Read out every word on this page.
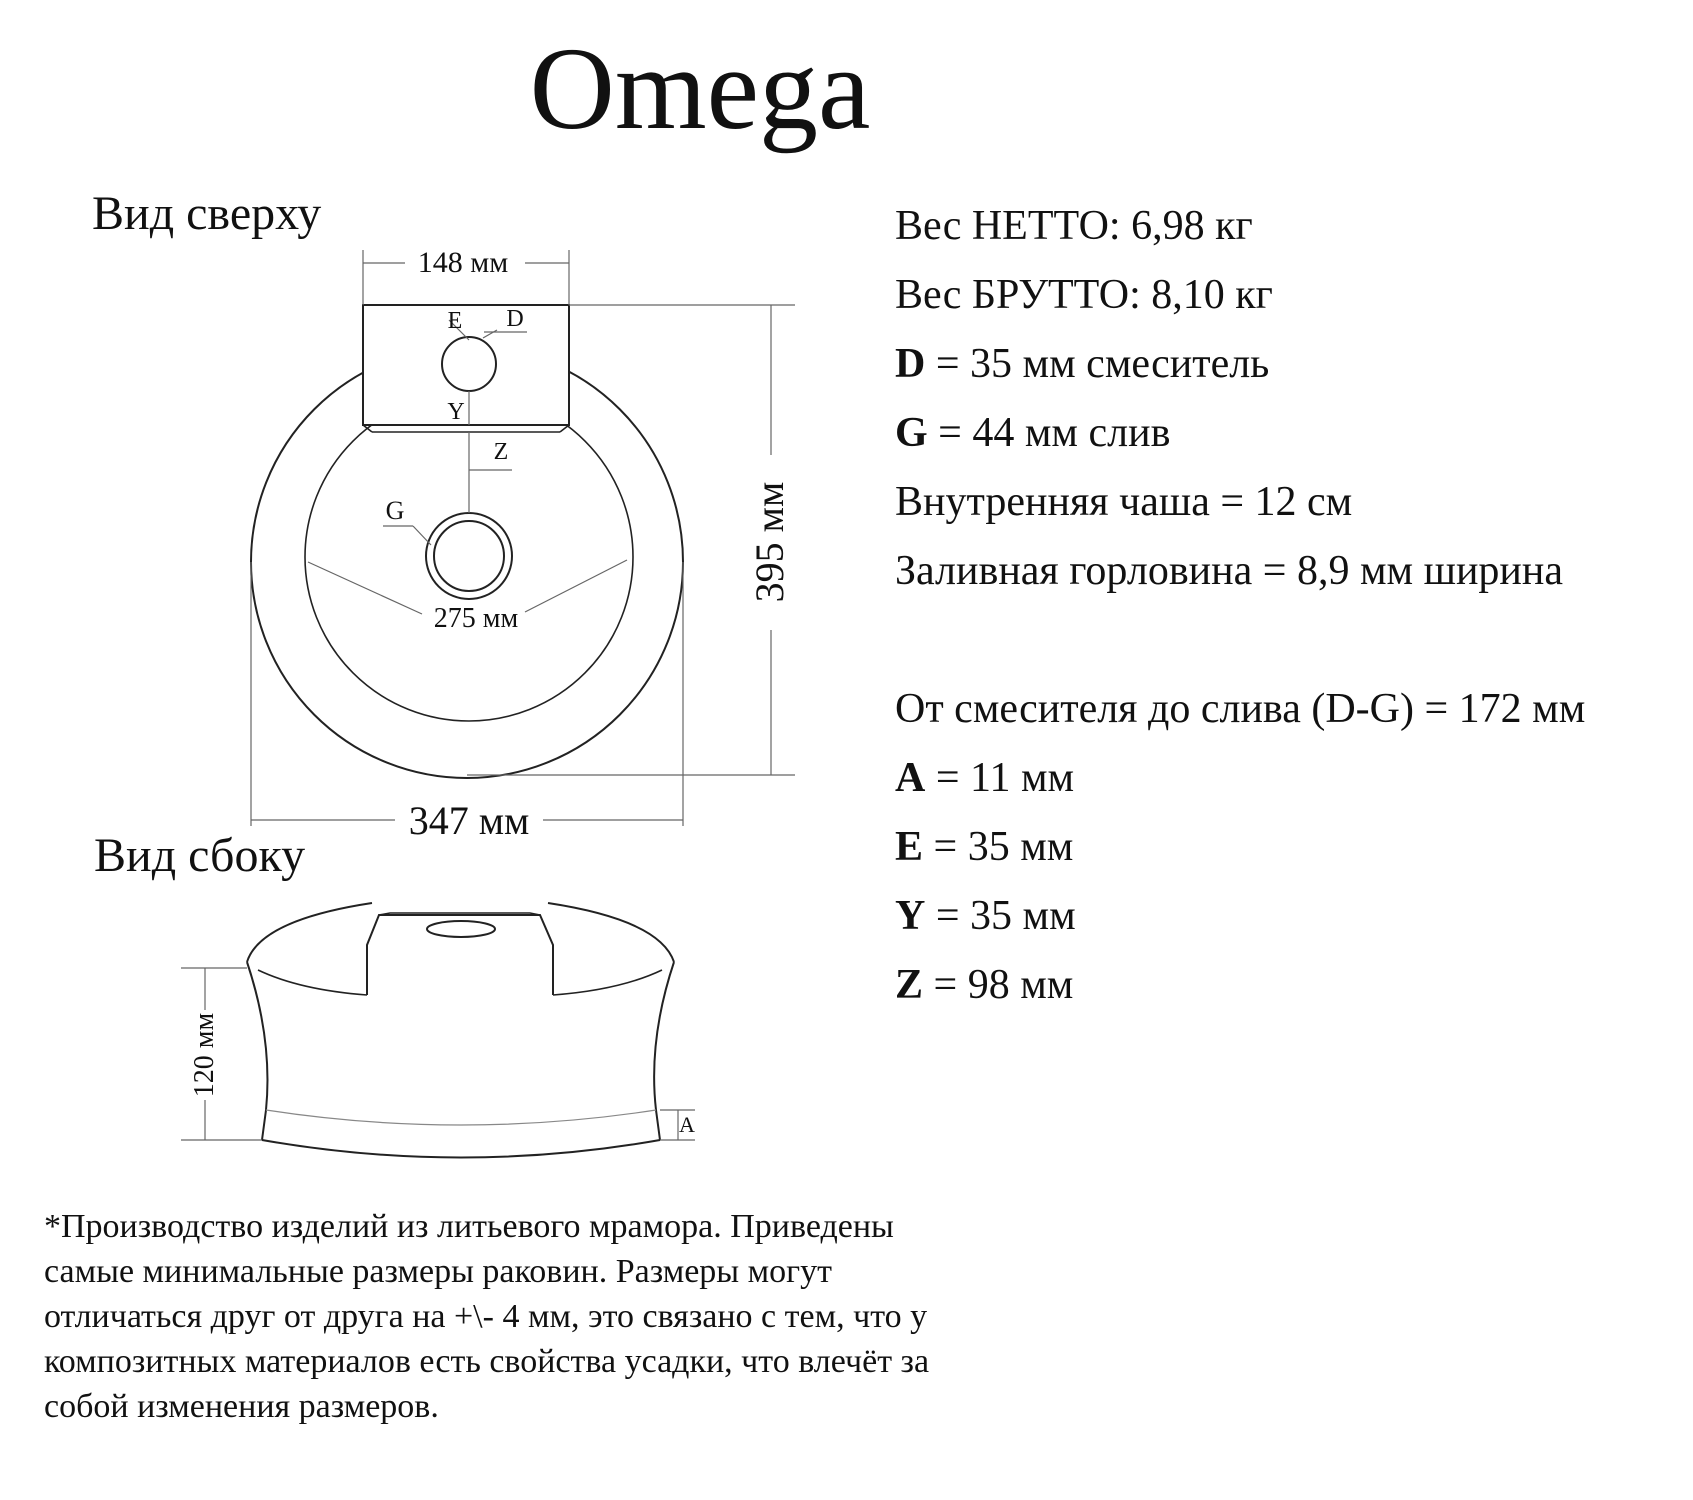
Omega
Вид сверху
Вид сбоку
148 мм
395 мм
275 мм
347 мм
E D
Y
Z
G
120 мм
A
Вес НЕТТО: 6,98 кг
Вес БРУТТО: 8,10 кг
D = 35 мм смеситель
G = 44 мм слив
Внутренняя чаша = 12 см
Заливная горловина = 8,9 мм ширина
От смесителя до слива (D-G) = 172 мм
A = 11 мм
E = 35 мм
Y = 35 мм
Z = 98 мм
*Производство изделий из литьевого мрамора. Приведены
самые минимальные размеры раковин. Размеры могут
отличаться друг от друга на +\- 4 мм, это связано с тем, что у
композитных материалов есть свойства усадки, что влечёт за
собой изменения размеров.
